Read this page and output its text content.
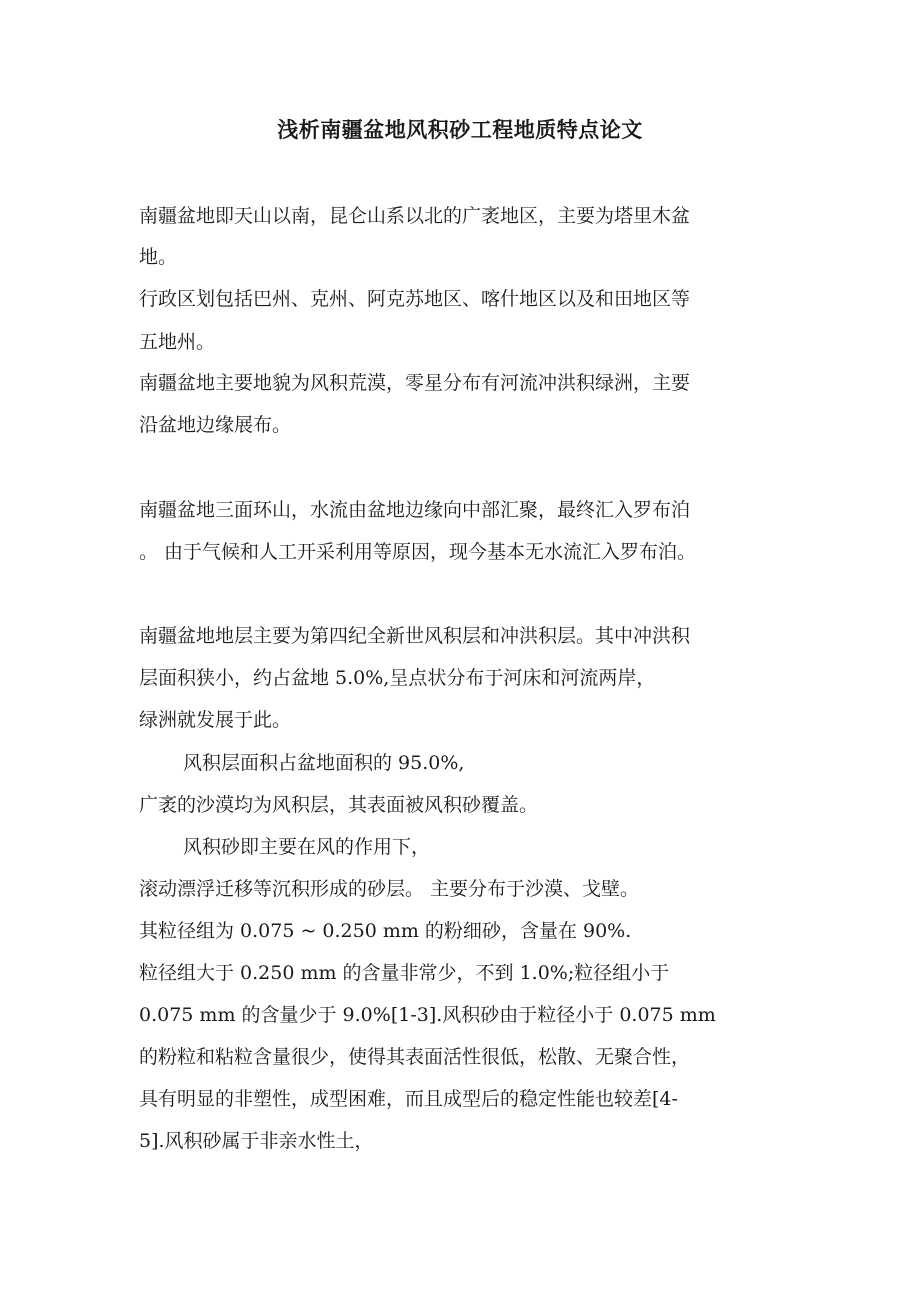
浅析南疆盆地风积砂工程地质特点论文

南疆盆地即天山以南，昆仑山系以北的广袤地区，主要为塔里木盆

地。

行政区划包括巴州、克州、阿克苏地区、喀什地区以及和田地区等

五地州。

南疆盆地主要地貌为风积荒漠，零星分布有河流冲洪积绿洲，主要

沿盆地边缘展布。

南疆盆地三面环山，水流由盆地边缘向中部汇聚，最终汇入罗布泊

。 由于气候和人工开采利用等原因，现今基本无水流汇入罗布泊。

南疆盆地地层主要为第四纪全新世风积层和冲洪积层。其中冲洪积

层面积狭小，约占盆地 5.0%,呈点状分布于河床和河流两岸，

绿洲就发展于此。

风积层面积占盆地面积的 95.0%,

广袤的沙漠均为风积层，其表面被风积砂覆盖。

风积砂即主要在风的作用下，

滚动漂浮迁移等沉积形成的砂层。 主要分布于沙漠、戈壁。

其粒径组为 0.075 ~ 0.250 mm 的粉细砂，含量在 90%.

粒径组大于 0.250 mm 的含量非常少，不到 1.0%;粒径组小于

0.075 mm 的含量少于 9.0%[1-3].风积砂由于粒径小于 0.075 mm

的粉粒和粘粒含量很少，使得其表面活性很低，松散、无聚合性，

具有明显的非塑性，成型困难，而且成型后的稳定性能也较差[4-

5].风积砂属于非亲水性土，
